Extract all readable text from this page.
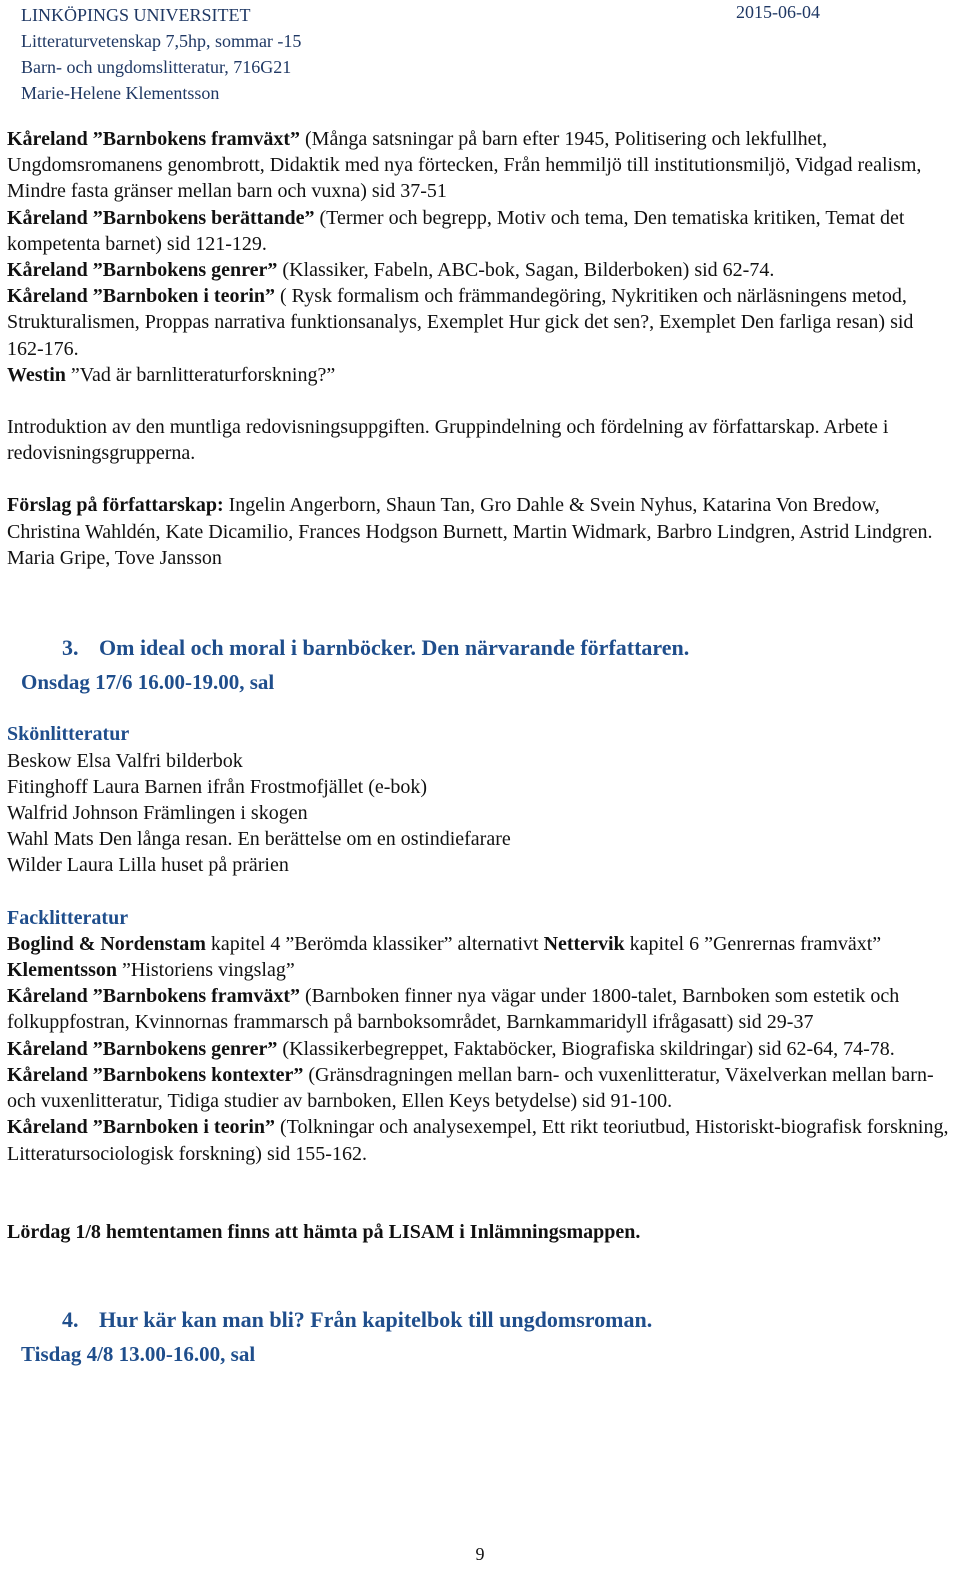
LINKÖPINGS UNIVERSITET
Litteraturvetenskap 7,5hp, sommar -15
Barn- och ungdomslitteratur, 716G21
Marie-Helene Klementsson
2015-06-04

Kåreland ”Barnbokens framväxt” (Många satsningar på barn efter 1945, Politisering och lekfullhet, Ungdomsromanens genombrott, Didaktik med nya förtecken, Från hemmiljö till institutionsmiljö, Vidgad realism, Mindre fasta gränser mellan barn och vuxna) sid 37-51

Kåreland ”Barnbokens berättande” (Termer och begrepp, Motiv och tema, Den tematiska kritiken, Temat det kompetenta barnet) sid 121-129.

Kåreland ”Barnbokens genrer” (Klassiker, Fabeln, ABC-bok, Sagan, Bilderboken) sid 62-74.

Kåreland ”Barnboken i teorin” ( Rysk formalism och främmandegöring, Nykritiken och närläsningens metod, Strukturalismen, Proppas narrativa funktionsanalys, Exemplet Hur gick det sen?, Exemplet Den farliga resan) sid 162-176.

Westin ”Vad är barnlitteraturforskning?”

Introduktion av den muntliga redovisningsuppgiften. Gruppindelning och fördelning av författarskap. Arbete i redovisningsgrupperna.

Förslag på författarskap: Ingelin Angerborn, Shaun Tan, Gro Dahle & Svein Nyhus, Katarina Von Bredow, Christina Wahldén, Kate Dicamilio, Frances Hodgson Burnett, Martin Widmark, Barbro Lindgren, Astrid Lindgren. Maria Gripe, Tove Jansson

3. Om ideal och moral i barnböcker. Den närvarande författaren.

Onsdag 17/6 16.00-19.00, sal

Skönlitteratur

Beskow Elsa Valfri bilderbok

Fitinghoff Laura Barnen ifrån Frostmofjället (e-bok)

Walfrid Johnson Främlingen i skogen

Wahl Mats Den långa resan. En berättelse om en ostindiefarare

Wilder Laura Lilla huset på prärien

Facklitteratur

Boglind & Nordenstam kapitel 4 ”Berömda klassiker” alternativt Nettervik kapitel 6 ”Genrernas framväxt”

Klementsson ”Historiens vingslag”

Kåreland ”Barnbokens framväxt” (Barnboken finner nya vägar under 1800-talet, Barnboken som estetik och folkuppfostran, Kvinnornas frammarsch på barnboksområdet, Barnkammaridyll ifrågasatt) sid 29-37

Kåreland ”Barnbokens genrer” (Klassikerbegreppet, Faktaböcker, Biografiska skildringar) sid 62-64, 74-78.

Kåreland ”Barnbokens kontexter” (Gränsdragningen mellan barn- och vuxenlitteratur, Växelverkan mellan barn- och vuxenlitteratur, Tidiga studier av barnboken, Ellen Keys betydelse) sid 91-100.

Kåreland ”Barnboken i teorin” (Tolkningar och analysexempel, Ett rikt teoriutbud, Historiskt-biografisk forskning, Litteratursociologisk forskning) sid 155-162.

Lördag 1/8 hemtentamen finns att hämta på LISAM i Inlämningsmappen.

4. Hur kär kan man bli? Från kapitelbok till ungdomsroman.

Tisdag 4/8 13.00-16.00, sal

9
